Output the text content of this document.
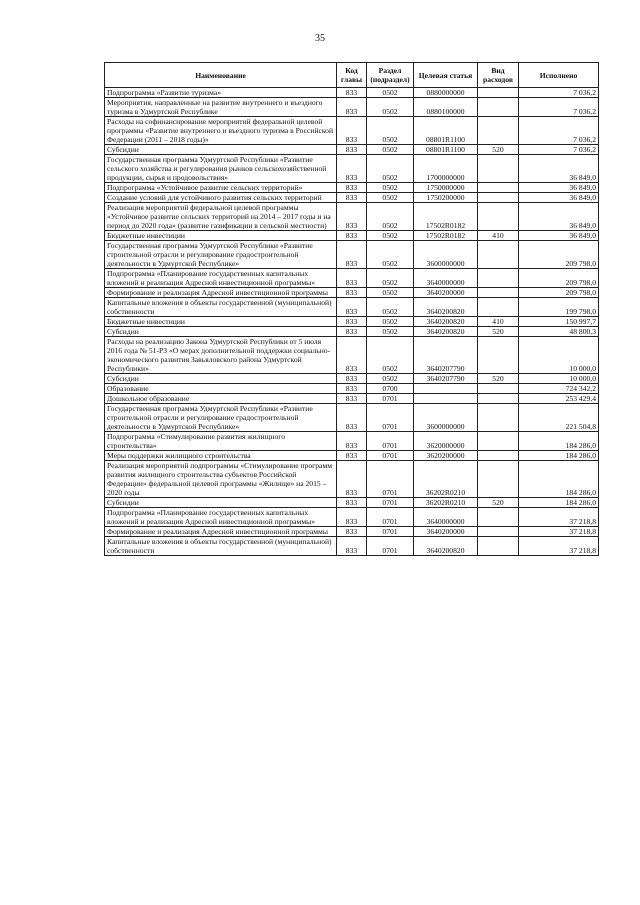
35
Наименование	Код главы	Раздел (подраздел)	Целевая статья	Вид расходов	Исполнено
Подпрограмма «Развитие туризма»	833	0502	0880000000		7 036,2
Мероприятия, направленные на развитие внутреннего и въездного туризма в Удмуртской Республике	833	0502	0880100000		7 036,2
Расходы на софинансирование мероприятий федеральной целевой программы «Развитие внутреннего и въездного туризма в Российской Федерации (2011 – 2018 годы)»	833	0502	08801R1100		7 036,2
Субсидии	833	0502	08801R1100	520	7 036,2
Государственная программа Удмуртской Республики «Развитие сельского хозяйства и регулирования рынков сельскохозяйственной продукции, сырья и продовольствия»	833	0502	1700000000		36 849,0
Подпрограмма «Устойчивое развитие сельских территорий»	833	0502	1750000000		36 849,0
Создание условий для устойчивого развития сельских территорий	833	0502	1750200000		36 849,0
Реализация мероприятий федеральной целевой программы «Устойчивое развитие сельских территорий на 2014 – 2017 годы и на период до 2020 года» (развитие газификации в сельской местности)	833	0502	17502R0182		36 849,0
Бюджетные инвестиции	833	0502	17502R0182	410	36 849,0
Государственная программа Удмуртской Республики «Развитие строительной отрасли и регулирование градостроительной деятельности в Удмуртской Республике»	833	0502	3600000000		209 798,0
Подпрограмма «Планирование государственных капитальных вложений и реализация Адресной инвестиционной программы»	833	0502	3640000000		209 798,0
Формирование и реализация Адресной инвестиционной программы	833	0502	3640200000		209 798,0
Капитальные вложения в объекты государственной (муниципальной) собственности	833	0502	3640200820		199 798,0
Бюджетные инвестиции	833	0502	3640200820	410	150 997,7
Субсидии	833	0502	3640200820	520	48 800,3
Расходы на реализацию Закона Удмуртской Республики от 5 июля 2016 года № 51-РЗ «О мерах дополнительной поддержки социально-экономического развития Завьяловского района Удмуртской Республики»	833	0502	3640207790		10 000,0
Субсидии	833	0502	3640207790	520	10 000,0
Образование	833	0700			724 342,2
Дошкольное образование	833	0701			253 429,4
Государственная программа Удмуртской Республики «Развитие строительной отрасли и регулирование градостроительной деятельности в Удмуртской Республике»	833	0701	3600000000		221 504,8
Подпрограмма «Стимулирование развития жилищного строительства»	833	0701	3620000000		184 286,0
Меры поддержки жилищного строительства	833	0701	3620200000		184 286,0
Реализация мероприятий подпрограммы «Стимулирование программ развития жилищного строительства субъектов Российской Федерации» федеральной целевой программы «Жилище» на 2015 – 2020 годы	833	0701	36202R0210		184 286,0
Субсидии	833	0701	36202R0210	520	184 286,0
Подпрограмма «Планирование государственных капитальных вложений и реализация Адресной инвестиционной программы»	833	0701	3640000000		37 218,8
Формирование и реализация Адресной инвестиционной программы	833	0701	3640200000		37 218,8
Капитальные вложения в объекты государственной (муниципальной) собственности	833	0701	3640200820		37 218,8
